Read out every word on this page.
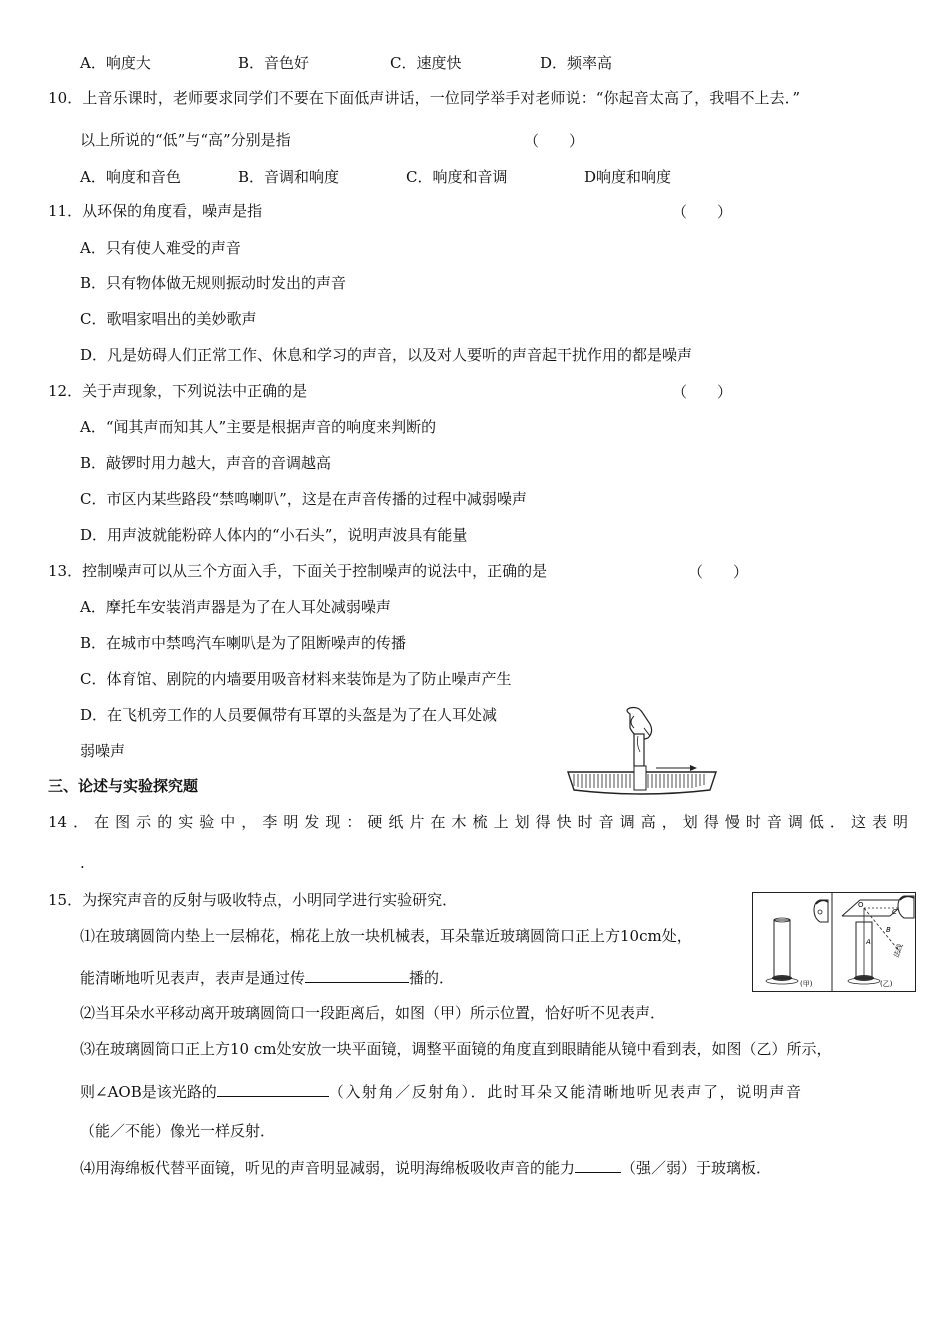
A．响度大	B．音色好	C．速度快	D．频率高
10．上音乐课时，老师要求同学们不要在下面低声讲话，一位同学举手对老师说：“你起音太高了，我唱不上去．”
以上所说的“低”与“高”分别是指	（　　）
A．响度和音色	B．音调和响度	C．响度和音调	D响度和响度
11．从环保的角度看，噪声是指	（　　）
A．只有使人难受的声音
B．只有物体做无规则振动时发出的声音
C．歌唱家唱出的美妙歌声
D．凡是妨碍人们正常工作、休息和学习的声音，以及对人要听的声音起干扰作用的都是噪声
12．关于声现象，下列说法中正确的是	（　　）
A．“闻其声而知其人”主要是根据声音的响度来判断的
B．敲锣时用力越大，声音的音调越高
C．市区内某些路段“禁鸣喇叭”，这是在声音传播的过程中减弱噪声
D．用声波就能粉碎人体内的“小石头”，说明声波具有能量
13．控制噪声可以从三个方面入手，下面关于控制噪声的说法中，正确的是	（　　）
A．摩托车安装消声器是为了在人耳处减弱噪声
B．在城市中禁鸣汽车喇叭是为了阻断噪声的传播
C．体育馆、剧院的内墙要用吸音材料来装饰是为了防止噪声产生
D．在飞机旁工作的人员要佩带有耳罩的头盔是为了在人耳处减
弱噪声
三、论述与实验探究题
14．在图示的实验中，李明发现：硬纸片在木梳上划得快时音调高，划得慢时音调低．这表明
.
15．为探究声音的反射与吸收特点，小明同学进行实验研究．
⑴在玻璃圆筒内垫上一层棉花，棉花上放一块机械表，耳朵靠近玻璃圆筒口正上方10cm处，
能清晰地听见表声，表声是通过传	播的．
⑵当耳朵水平移动离开玻璃圆筒口一段距离后，如图（甲）所示位置，恰好听不见表声．
⑶在玻璃圆筒口正上方10 cm处安放一块平面镜，调整平面镜的角度直到眼睛能从镜中看到表，如图（乙）所示，
则∠AOB是该光路的	（入射角／反射角）．此时耳朵又能清晰地听见表声了，说明声音
（能／不能）像光一样反射．
⑷用海绵板代替平面镜，听见的声音明显减弱，说明海绵板吸收声音的能力	（强／弱）于玻璃板．
(甲)
O
A
B
C
法线
(乙)
